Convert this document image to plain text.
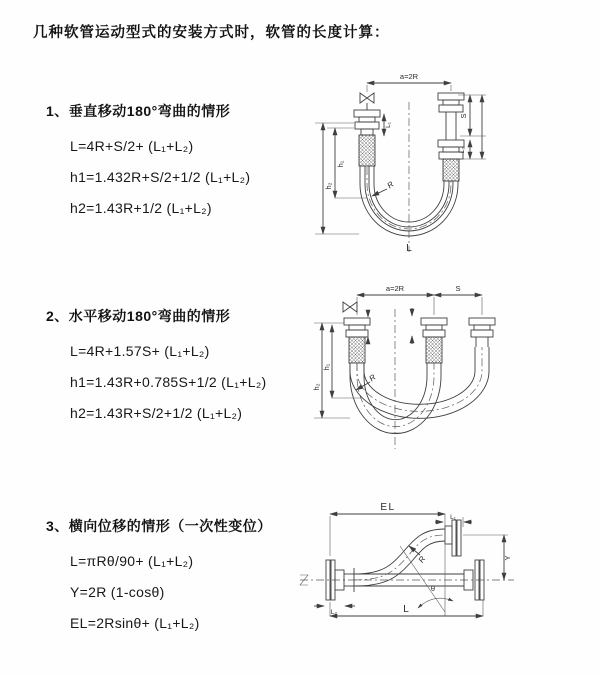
几种软管运动型式的安装方式时，软管的长度计算：
1、垂直移动180°弯曲的情形
L=4R+S/2+ (L₁+L₂)
h1=1.432R+S/2+1/2 (L₁+L₂)
h2=1.43R+1/2 (L₁+L₂)
2、水平移动180°弯曲的情形
L=4R+1.57S+ (L₁+L₂)
h1=1.43R+0.785S+1/2 (L₁+L₂)
h2=1.43R+S/2+1/2 (L₁+L₂)
3、横向位移的情形（一次性变位）
L=πRθ/90+ (L₁+L₂)
Y=2R (1-cosθ)
EL=2Rsinθ+ (L₁+L₂)
a=2R
h₂
h₁
L₁
S
L₂
R
L
a=2R	S
h₂
h₁
R
EL
L₁
Y
θ
L
L₂
R
